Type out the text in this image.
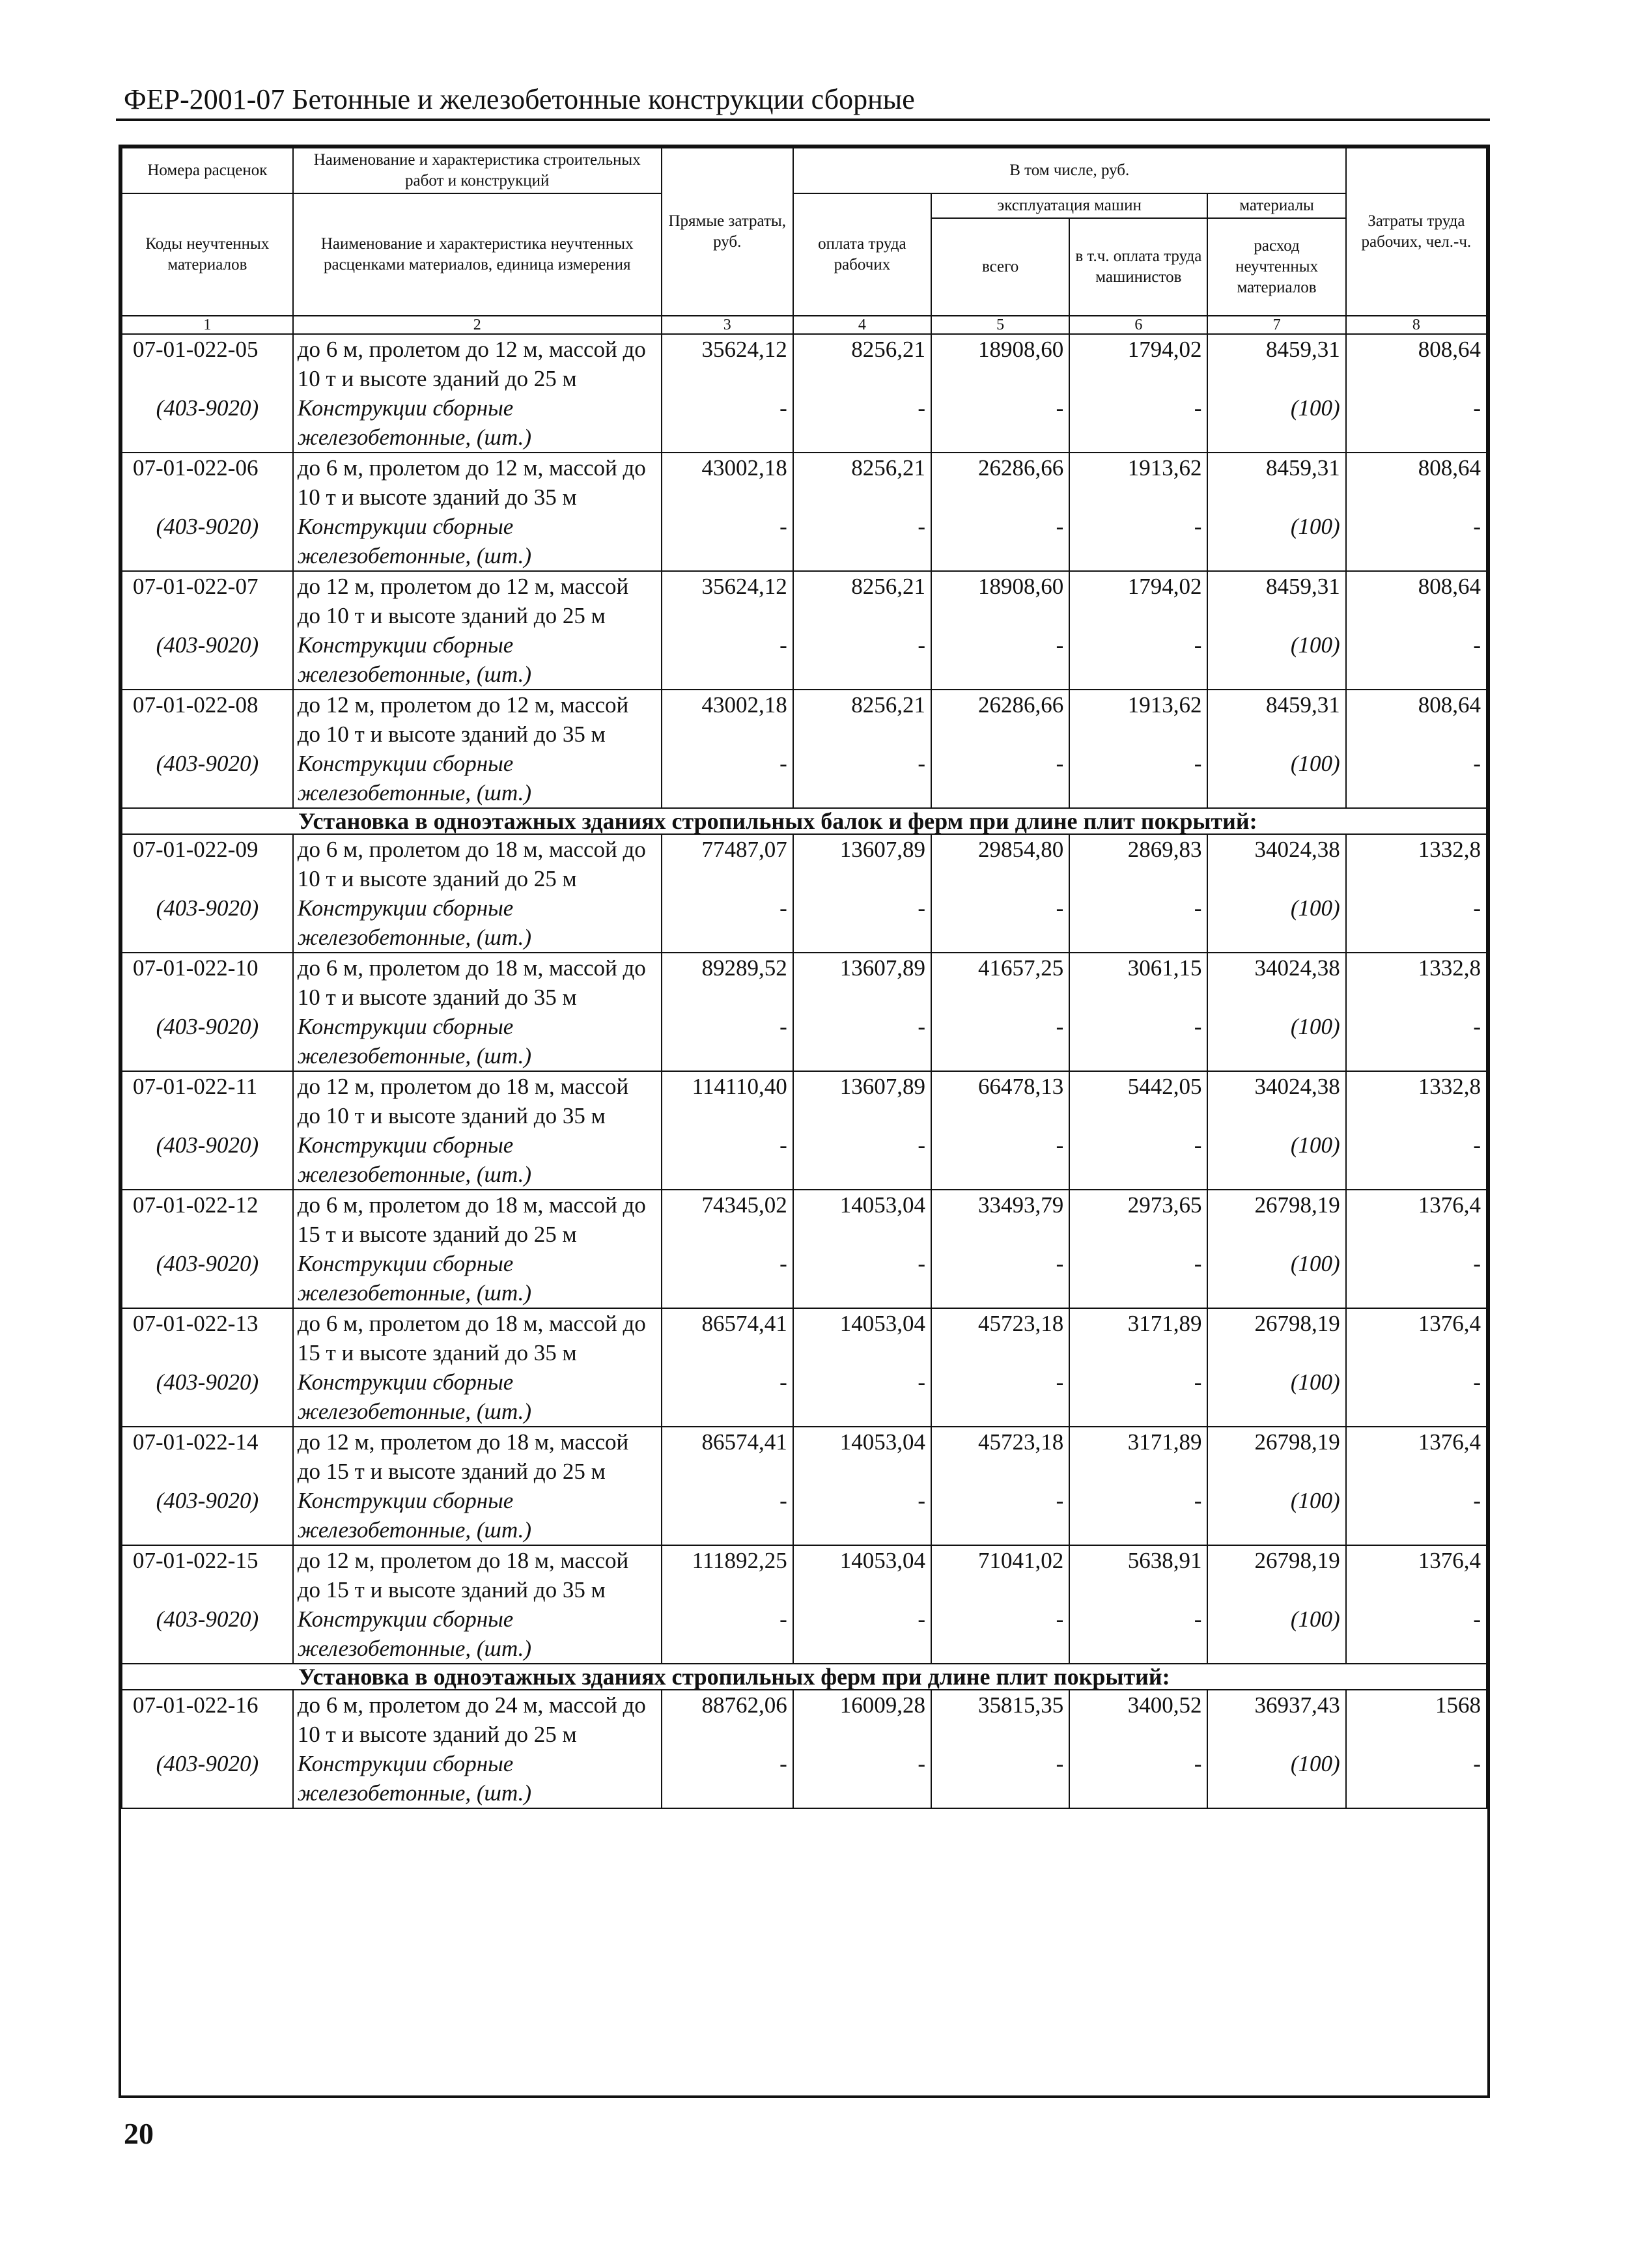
ФЕР-2001-07 Бетонные и железобетонные конструкции сборные
Номера расценок	Наименование и характеристика строительных работ и конструкций	Прямые затраты, руб.	В том числе, руб.				Затраты труда рабочих, чел.-ч.
Коды неучтенных материалов	Наименование и характеристика неучтенных расценками материалов, единица измерения		оплата труда рабочих	эксплуатация машин		материалы	
				всего	в т.ч. оплата труда машинистов	расход неучтенных материалов	
1	2	3	4	5	6	7	8
07-01-022-05	до 6 м, пролетом до 12 м, массой до 10 т и высоте зданий до 25 м	35624,12	8256,21	18908,60	1794,02	8459,31	808,64
(403-9020)	Конструкции сборные железобетонные, (шт.)	-	-	-	-	(100)	-
07-01-022-06	до 6 м, пролетом до 12 м, массой до 10 т и высоте зданий до 35 м	43002,18	8256,21	26286,66	1913,62	8459,31	808,64
(403-9020)	Конструкции сборные железобетонные, (шт.)	-	-	-	-	(100)	-
07-01-022-07	до 12 м, пролетом до 12 м, массой до 10 т и высоте зданий до 25 м	35624,12	8256,21	18908,60	1794,02	8459,31	808,64
(403-9020)	Конструкции сборные железобетонные, (шт.)	-	-	-	-	(100)	-
07-01-022-08	до 12 м, пролетом до 12 м, массой до 10 т и высоте зданий до 35 м	43002,18	8256,21	26286,66	1913,62	8459,31	808,64
(403-9020)	Конструкции сборные железобетонные, (шт.)	-	-	-	-	(100)	-
Установка в одноэтажных зданиях стропильных балок и ферм при длине плит покрытий:							
07-01-022-09	до 6 м, пролетом до 18 м, массой до 10 т и высоте зданий до 25 м	77487,07	13607,89	29854,80	2869,83	34024,38	1332,8
(403-9020)	Конструкции сборные железобетонные, (шт.)	-	-	-	-	(100)	-
07-01-022-10	до 6 м, пролетом до 18 м, массой до 10 т и высоте зданий до 35 м	89289,52	13607,89	41657,25	3061,15	34024,38	1332,8
(403-9020)	Конструкции сборные железобетонные, (шт.)	-	-	-	-	(100)	-
07-01-022-11	до 12 м, пролетом до 18 м, массой до 10 т и высоте зданий до 35 м	114110,40	13607,89	66478,13	5442,05	34024,38	1332,8
(403-9020)	Конструкции сборные железобетонные, (шт.)	-	-	-	-	(100)	-
07-01-022-12	до 6 м, пролетом до 18 м, массой до 15 т и высоте зданий до 25 м	74345,02	14053,04	33493,79	2973,65	26798,19	1376,4
(403-9020)	Конструкции сборные железобетонные, (шт.)	-	-	-	-	(100)	-
07-01-022-13	до 6 м, пролетом до 18 м, массой до 15 т и высоте зданий до 35 м	86574,41	14053,04	45723,18	3171,89	26798,19	1376,4
(403-9020)	Конструкции сборные железобетонные, (шт.)	-	-	-	-	(100)	-
07-01-022-14	до 12 м, пролетом до 18 м, массой до 15 т и высоте зданий до 25 м	86574,41	14053,04	45723,18	3171,89	26798,19	1376,4
(403-9020)	Конструкции сборные железобетонные, (шт.)	-	-	-	-	(100)	-
07-01-022-15	до 12 м, пролетом до 18 м, массой до 15 т и высоте зданий до 35 м	111892,25	14053,04	71041,02	5638,91	26798,19	1376,4
(403-9020)	Конструкции сборные железобетонные, (шт.)	-	-	-	-	(100)	-
Установка в одноэтажных зданиях стропильных ферм при длине плит покрытий:							
07-01-022-16	до 6 м, пролетом до 24 м, массой до 10 т и высоте зданий до 25 м	88762,06	16009,28	35815,35	3400,52	36937,43	1568
(403-9020)	Конструкции сборные железобетонные, (шт.)	-	-	-	-	(100)	-
20
